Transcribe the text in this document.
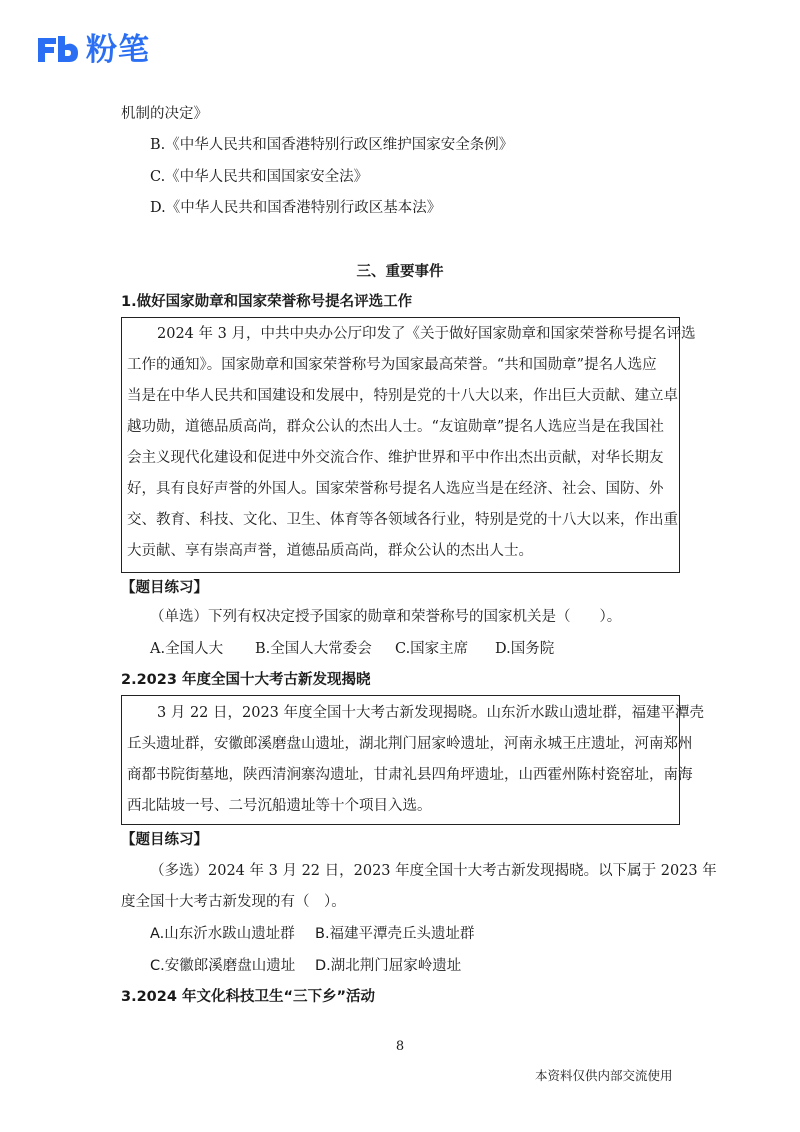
粉笔
机制的决定》
B.《中华人民共和国香港特别行政区维护国家安全条例》
C.《中华人民共和国国家安全法》
D.《中华人民共和国香港特别行政区基本法》
三、重要事件
1.做好国家勋章和国家荣誉称号提名评选工作

2024 年 3 月，中共中央办公厅印发了《关于做好国家勋章和国家荣誉称号提名评选

工作的通知》。国家勋章和国家荣誉称号为国家最高荣誉。“共和国勋章”提名人选应

当是在中华人民共和国建设和发展中，特别是党的十八大以来，作出巨大贡献、建立卓

越功勋，道德品质高尚，群众公认的杰出人士。“友谊勋章”提名人选应当是在我国社

会主义现代化建设和促进中外交流合作、维护世界和平中作出杰出贡献，对华长期友

好，具有良好声誉的外国人。国家荣誉称号提名人选应当是在经济、社会、国防、外

交、教育、科技、文化、卫生、体育等各领域各行业，特别是党的十八大以来，作出重

大贡献、享有崇高声誉，道德品质高尚，群众公认的杰出人士。

【题目练习】
（单选）下列有权决定授予国家的勋章和荣誉称号的国家机关是（　　）。
A.全国人大 B.全国人大常委会 C.国家主席 D.国务院
2.2023 年度全国十大考古新发现揭晓

3 月 22 日，2023 年度全国十大考古新发现揭晓。山东沂水跋山遗址群，福建平潭壳

丘头遗址群，安徽郎溪磨盘山遗址，湖北荆门屈家岭遗址，河南永城王庄遗址，河南郑州

商都书院街墓地，陕西清涧寨沟遗址，甘肃礼县四角坪遗址，山西霍州陈村瓷窑址，南海

西北陆坡一号、二号沉船遗址等十个项目入选。

【题目练习】
（多选）2024 年 3 月 22 日，2023 年度全国十大考古新发现揭晓。以下属于 2023 年
度全国十大考古新发现的有（　）。
A.山东沂水跋山遗址群 B.福建平潭壳丘头遗址群
C.安徽郎溪磨盘山遗址 D.湖北荆门屈家岭遗址
3.2024 年文化科技卫生“三下乡”活动
8
本资料仅供内部交流使用
